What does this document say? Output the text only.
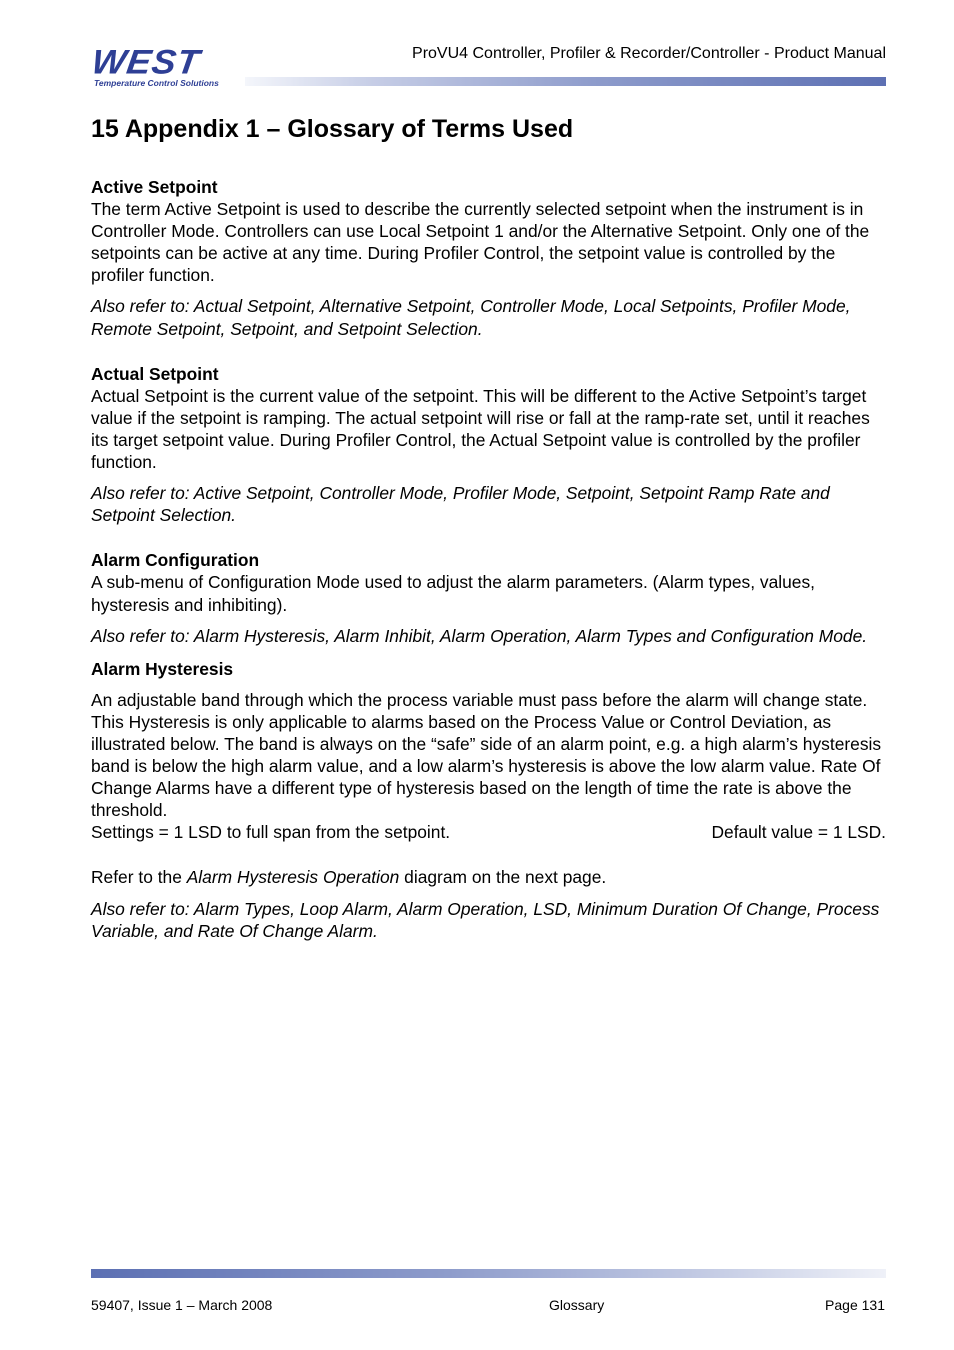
WEST
Temperature Control Solutions
ProVU4 Controller, Profiler & Recorder/Controller - Product Manual
15 Appendix 1 – Glossary of Terms Used

Active Setpoint

The term Active Setpoint is used to describe the currently selected setpoint when the instrument is in Controller Mode. Controllers can use Local Setpoint 1 and/or the Alternative Setpoint. Only one of the setpoints can be active at any time. During Profiler Control, the setpoint value is controlled by the profiler function.

Also refer to: Actual Setpoint, Alternative Setpoint, Controller Mode, Local Setpoints, Profiler Mode, Remote Setpoint, Setpoint, and Setpoint Selection.

Actual Setpoint

Actual Setpoint is the current value of the setpoint. This will be different to the Active Setpoint’s target value if the setpoint is ramping. The actual setpoint will rise or fall at the ramp-rate set, until it reaches its target setpoint value. During Profiler Control, the Actual Setpoint value is controlled by the profiler function.

Also refer to: Active Setpoint, Controller Mode, Profiler Mode, Setpoint, Setpoint Ramp Rate and Setpoint Selection.

Alarm Configuration

A sub-menu of Configuration Mode used to adjust the alarm parameters. (Alarm types, values, hysteresis and inhibiting).

Also refer to: Alarm Hysteresis, Alarm Inhibit, Alarm Operation, Alarm Types and Configuration Mode.

Alarm Hysteresis

An adjustable band through which the process variable must pass before the alarm will change state. This Hysteresis is only applicable to alarms based on the Process Value or Control Deviation, as illustrated below. The band is always on the “safe” side of an alarm point, e.g. a high alarm’s hysteresis band is below the high alarm value, and a low alarm’s hysteresis is above the low alarm value. Rate Of Change Alarms have a different type of hysteresis based on the length of time the rate is above the threshold.

Settings = 1 LSD to full span from the setpoint.	Default value = 1 LSD.

Refer to the Alarm Hysteresis Operation diagram on the next page.

Also refer to: Alarm Types, Loop Alarm, Alarm Operation, LSD, Minimum Duration Of Change, Process Variable, and Rate Of Change Alarm.

59407, Issue 1 – March 2008	Glossary	Page 131
